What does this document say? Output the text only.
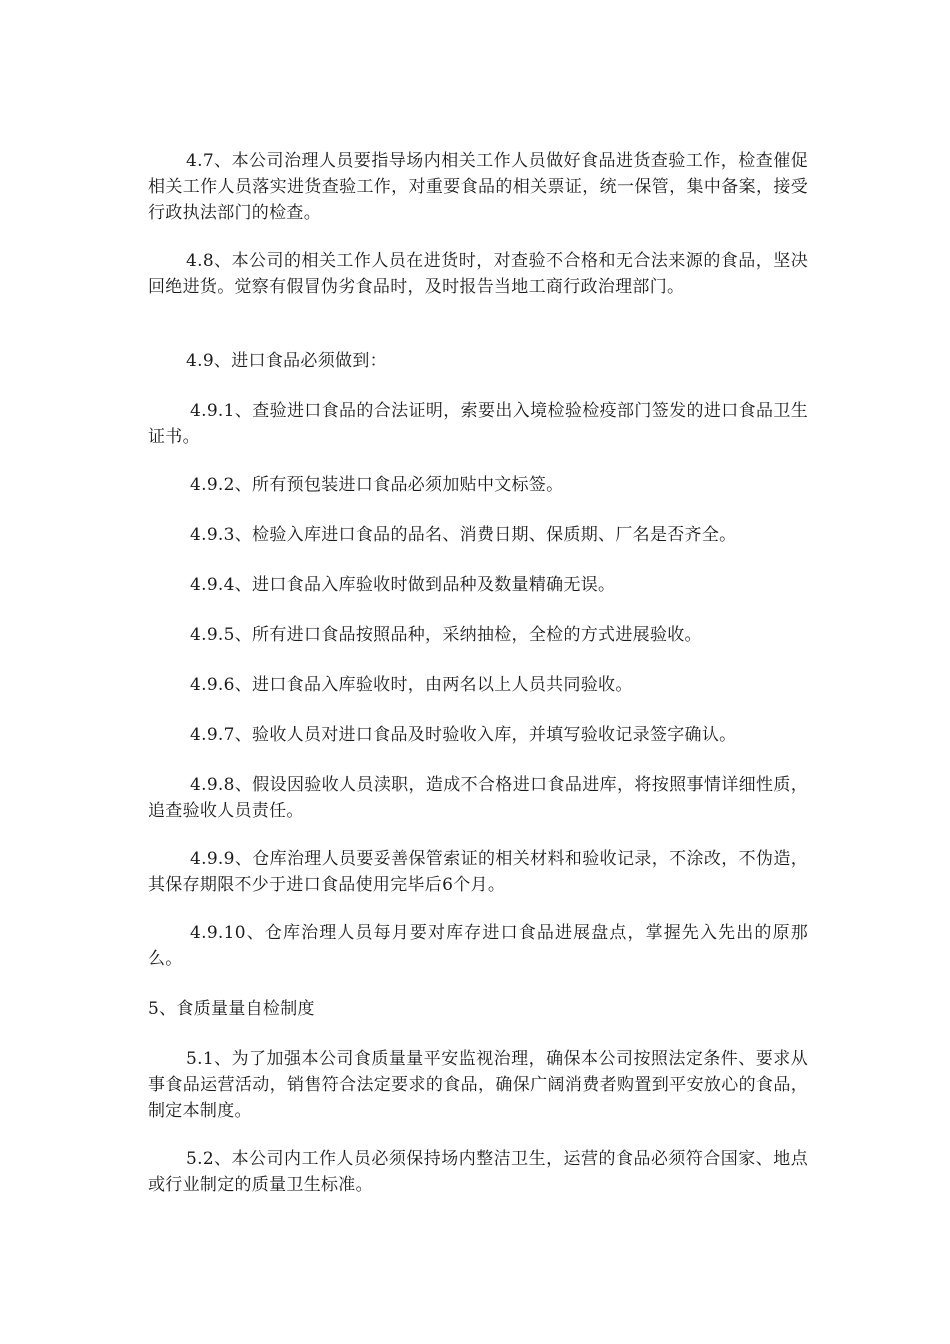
4.7、本公司治理人员要指导场内相关工作人员做好食品进货查验工作，检查催促相关工作人员落实进货查验工作，对重要食品的相关票证，统一保管，集中备案，接受行政执法部门的检查。

4.8、本公司的相关工作人员在进货时，对查验不合格和无合法来源的食品，坚决回绝进货。觉察有假冒伪劣食品时，及时报告当地工商行政治理部门。

4.9、进口食品必须做到：

4.9.1、查验进口食品的合法证明，索要出入境检验检疫部门签发的进口食品卫生证书。

4.9.2、所有预包装进口食品必须加贴中文标签。

4.9.3、检验入库进口食品的品名、消费日期、保质期、厂名是否齐全。

4.9.4、进口食品入库验收时做到品种及数量精确无误。

4.9.5、所有进口食品按照品种，采纳抽检，全检的方式进展验收。

4.9.6、进口食品入库验收时，由两名以上人员共同验收。

4.9.7、验收人员对进口食品及时验收入库，并填写验收记录签字确认。

4.9.8、假设因验收人员渎职，造成不合格进口食品进库，将按照事情详细性质，追查验收人员责任。

4.9.9、仓库治理人员要妥善保管索证的相关材料和验收记录，不涂改，不伪造，其保存期限不少于进口食品使用完毕后6个月。

4.9.10、仓库治理人员每月要对库存进口食品进展盘点，掌握先入先出的原那么。

5、食质量量自检制度

5.1、为了加强本公司食质量量平安监视治理，确保本公司按照法定条件、要求从事食品运营活动，销售符合法定要求的食品，确保广阔消费者购置到平安放心的食品，制定本制度。

5.2、本公司内工作人员必须保持场内整洁卫生，运营的食品必须符合国家、地点或行业制定的质量卫生标准。
